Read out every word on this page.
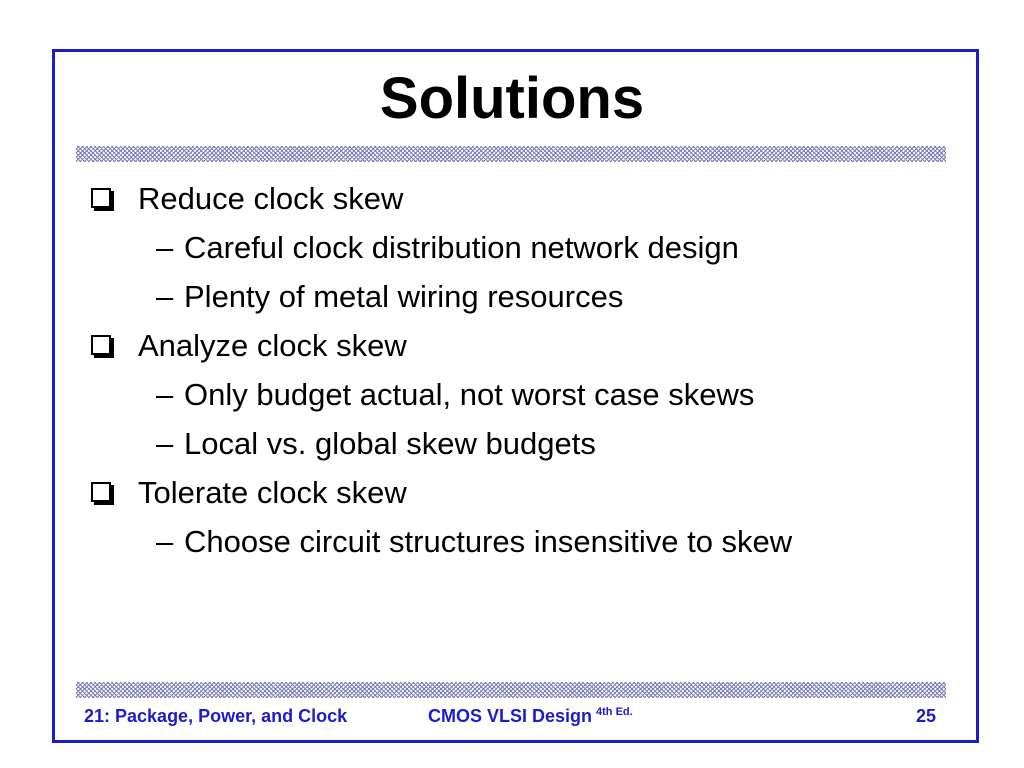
Solutions
Reduce clock skew
– Careful clock distribution network design
– Plenty of metal wiring resources
Analyze clock skew
– Only budget actual, not worst case skews
– Local vs. global skew budgets
Tolerate clock skew
– Choose circuit structures insensitive to skew
21: Package, Power, and Clock	CMOS VLSI Design $^{4th Ed.}$	25
